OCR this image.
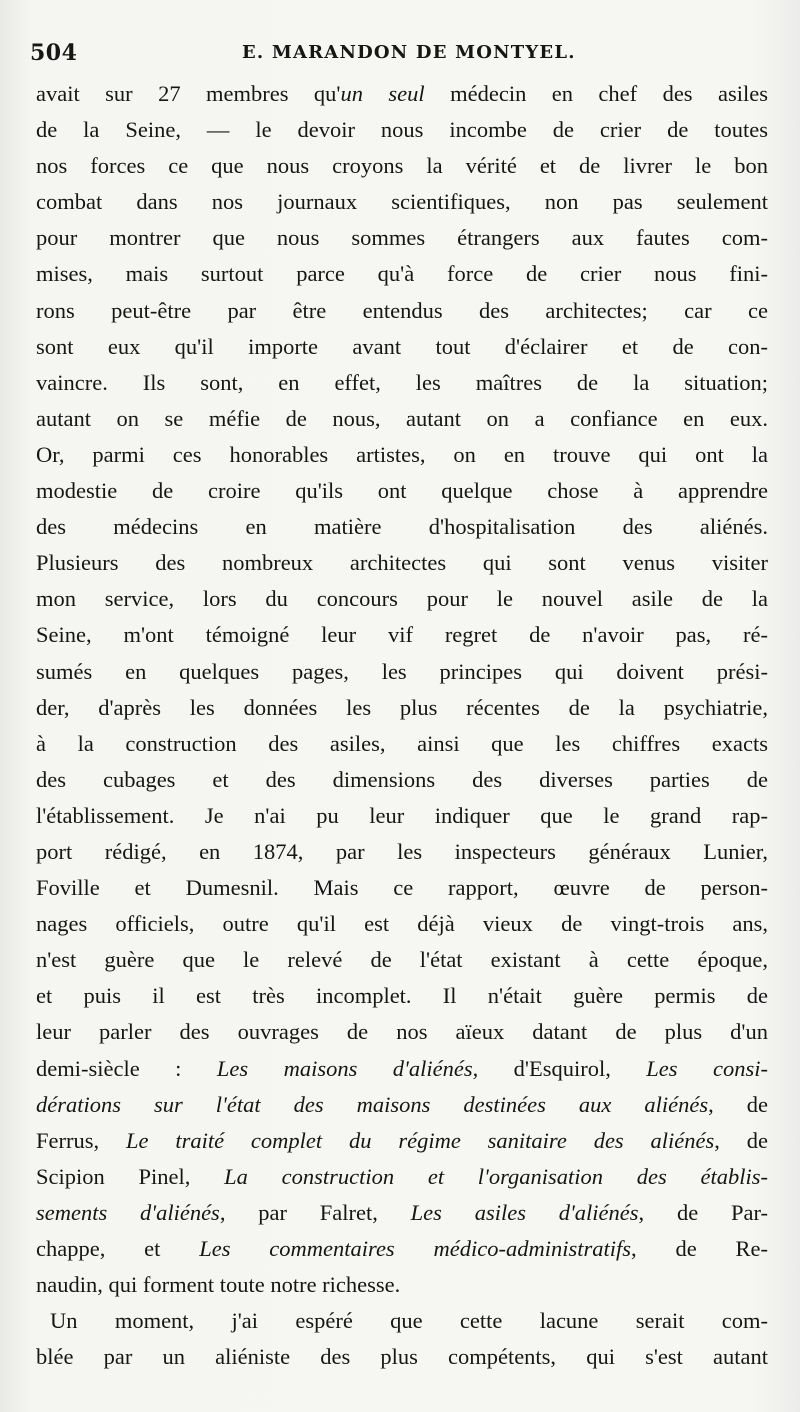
504	E. MARANDON DE MONTYEL.
avait sur 27 membres qu'un seul médecin en chef des asiles
de la Seine, — le devoir nous incombe de crier de toutes
nos forces ce que nous croyons la vérité et de livrer le bon
combat dans nos journaux scientifiques, non pas seulement
pour montrer que nous sommes étrangers aux fautes com-
mises, mais surtout parce qu'à force de crier nous fini-
rons peut-être par être entendus des architectes; car ce
sont eux qu'il importe avant tout d'éclairer et de con-
vaincre. Ils sont, en effet, les maîtres de la situation;
autant on se méfie de nous, autant on a confiance en eux.
Or, parmi ces honorables artistes, on en trouve qui ont la
modestie de croire qu'ils ont quelque chose à apprendre
des médecins en matière d'hospitalisation des aliénés.
Plusieurs des nombreux architectes qui sont venus visiter
mon service, lors du concours pour le nouvel asile de la
Seine, m'ont témoigné leur vif regret de n'avoir pas, ré-
sumés en quelques pages, les principes qui doivent prési-
der, d'après les données les plus récentes de la psychiatrie,
à la construction des asiles, ainsi que les chiffres exacts
des cubages et des dimensions des diverses parties de
l'établissement. Je n'ai pu leur indiquer que le grand rap-
port rédigé, en 1874, par les inspecteurs généraux Lunier,
Foville et Dumesnil. Mais ce rapport, œuvre de person-
nages officiels, outre qu'il est déjà vieux de vingt-trois ans,
n'est guère que le relevé de l'état existant à cette époque,
et puis il est très incomplet. Il n'était guère permis de
leur parler des ouvrages de nos aïeux datant de plus d'un
demi-siècle : Les maisons d'aliénés, d'Esquirol, Les consi-
dérations sur l'état des maisons destinées aux aliénés, de
Ferrus, Le traité complet du régime sanitaire des aliénés, de
Scipion Pinel, La construction et l'organisation des établis-
sements d'aliénés, par Falret, Les asiles d'aliénés, de Par-
chappe, et Les commentaires médico-administratifs, de Re-
naudin, qui forment toute notre richesse.
Un moment, j'ai espéré que cette lacune serait com-
blée par un aliéniste des plus compétents, qui s'est autant
